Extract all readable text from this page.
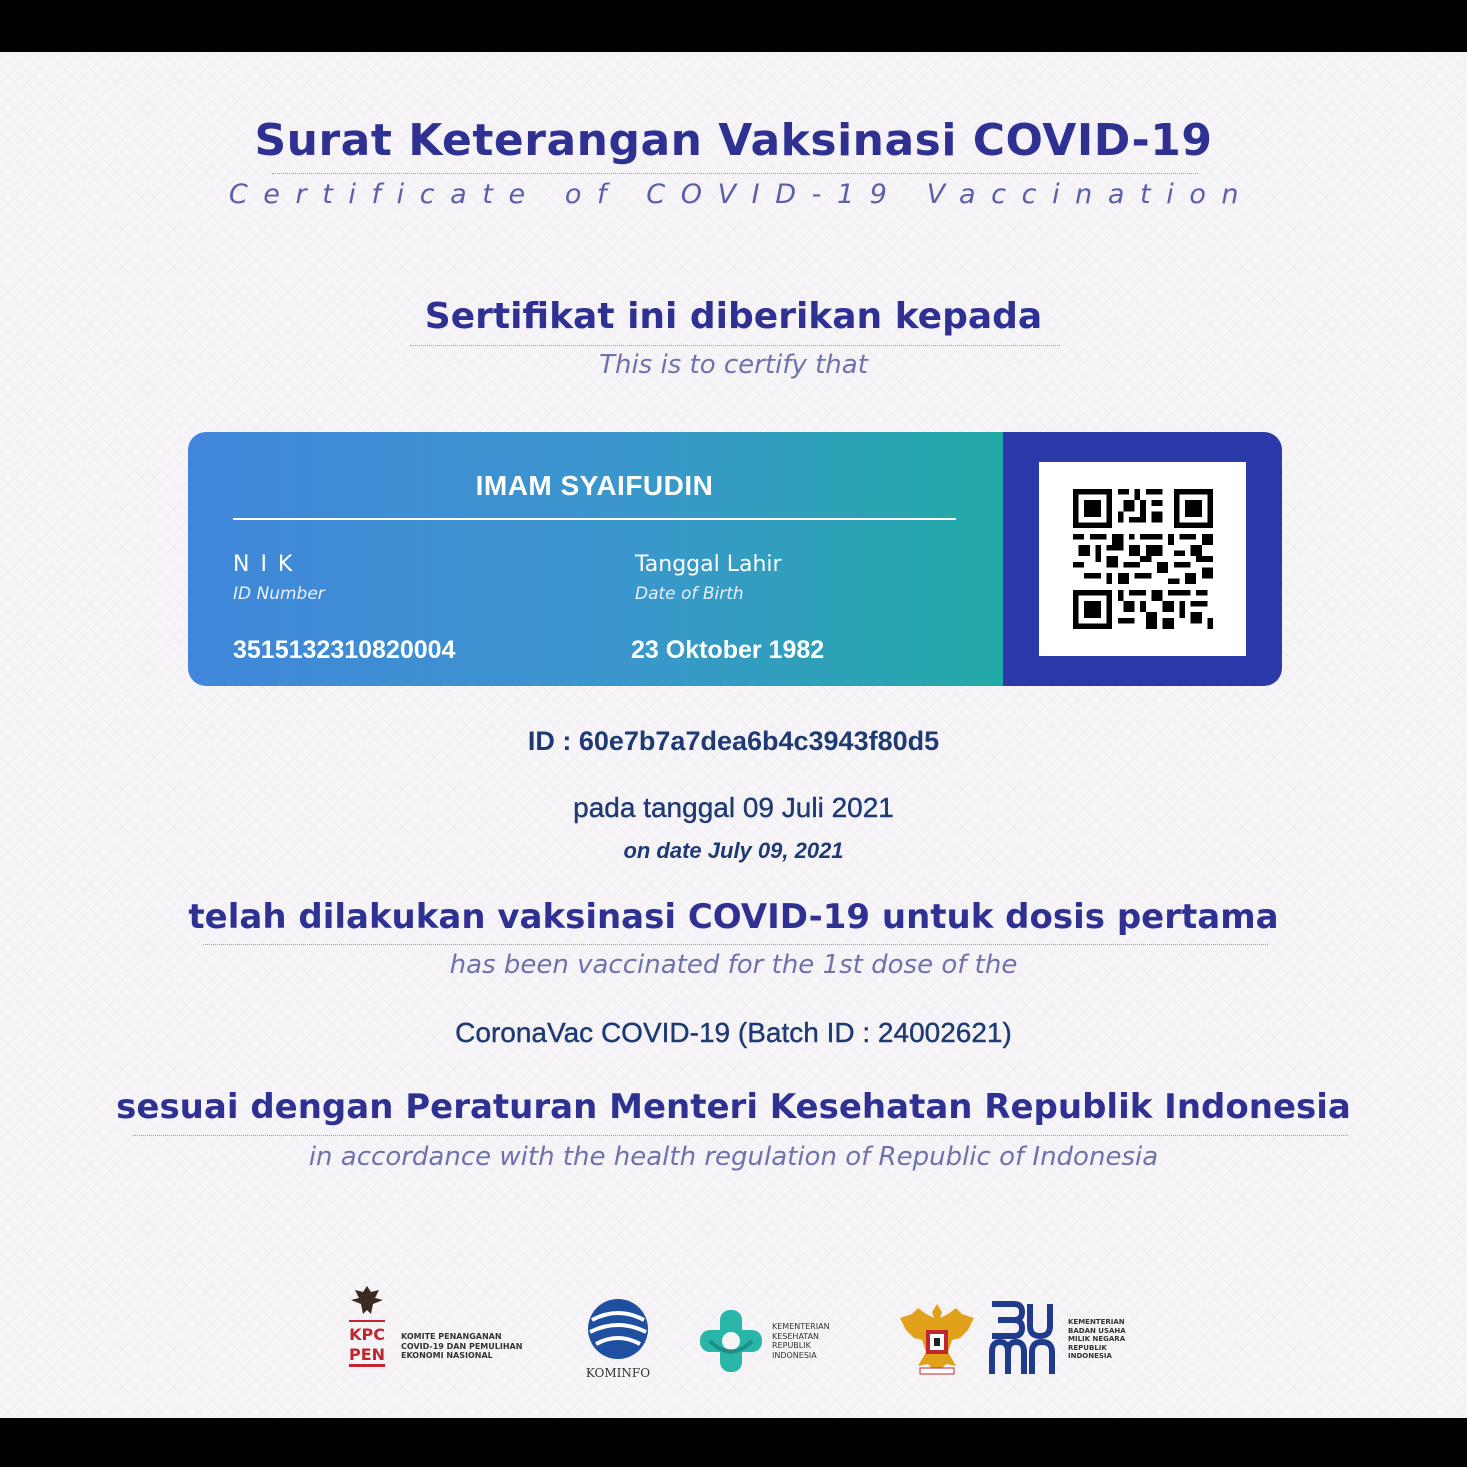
Surat Keterangan Vaksinasi COVID-19
Certificate of COVID-19 Vaccination
Sertifikat ini diberikan kepada
This is to certify that
IMAM SYAIFUDIN
N I K
ID Number
3515132310820004
Tanggal Lahir
Date of Birth
23 Oktober 1982
ID : 60e7b7a7dea6b4c3943f80d5
pada tanggal 09 Juli 2021
on date July 09, 2021
telah dilakukan vaksinasi COVID-19 untuk dosis pertama
has been vaccinated for the 1st dose of the
CoronaVac COVID-19 (Batch ID : 24002621)
sesuai dengan Peraturan Menteri Kesehatan Republik Indonesia
in accordance with the health regulation of Republic of Indonesia
KPC
PEN
KOMITE PENANGANAN
COVID-19 DAN PEMULIHAN
EKONOMI NASIONAL
KOMINFO
KEMENTERIAN
KESEHATAN
REPUBLIK
INDONESIA
KEMENTERIAN
BADAN USAHA
MILIK NEGARA
REPUBLIK
INDONESIA
